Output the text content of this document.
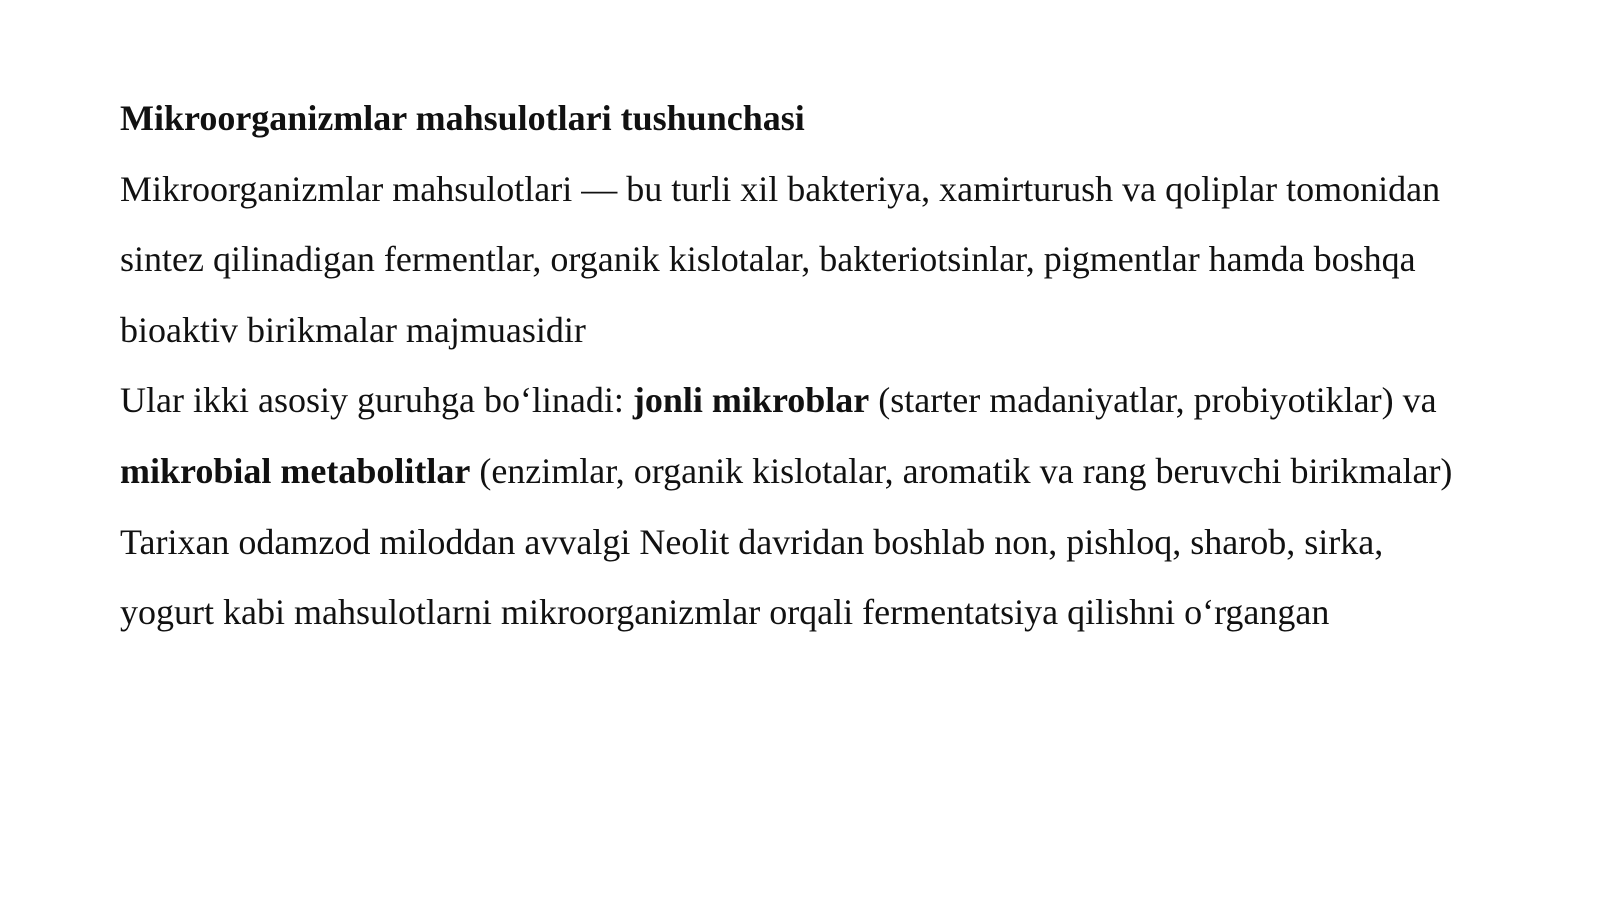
Mikroorganizmlar mahsulotlari tushunchasi

Mikroorganizmlar mahsulotlari — bu turli xil bakteriya, xamirturush va qoliplar tomonidan sintez qilinadigan fermentlar, organik kislotalar, bakteriotsinlar, pigmentlar hamda boshqa bioaktiv birikmalar majmuasidir

Ular ikki asosiy guruhga bo‘linadi: jonli mikroblar (starter madaniyatlar, probiyotiklar) va mikrobial metabolitlar (enzimlar, organik kislotalar, aromatik va rang beruvchi birikmalar)

Tarixan odamzod miloddan avvalgi Neolit davridan boshlab non, pishloq, sharob, sirka, yogurt kabi mahsulotlarni mikroorganizmlar orqali fermentatsiya qilishni o‘rgangan
